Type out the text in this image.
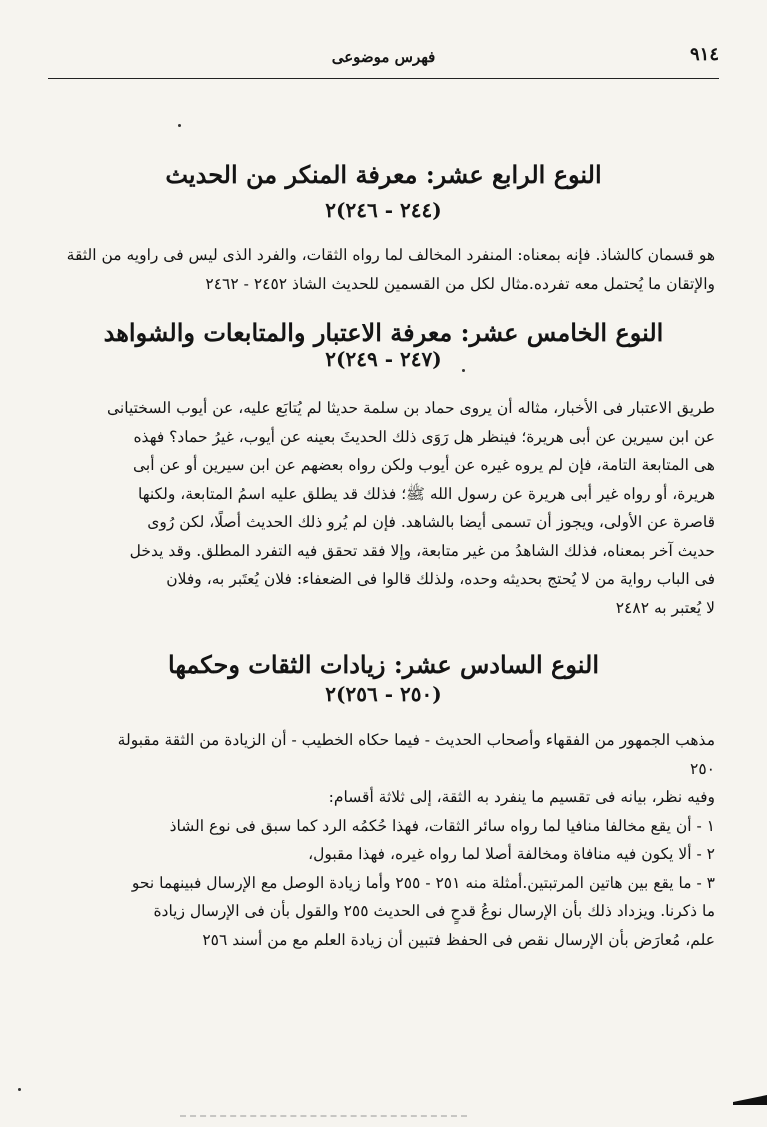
٩١٤
فهرس موضوعى
النوع الرابع عشر: معرفة المنكر من الحديث
(٢٤٤ - ٢٤٦)٢
هو قسمان كالشاذ. فإنه بمعناه: المنفرد المخالف لما رواه الثقات، والفرد الذى ليس فى راويه من الثقة
والإتقان ما يُحتمل معه تفرده.مثال لكل من القسمين للحديث الشاذ ٢٤٥٢ - ٢٤٦٢
النوع الخامس عشر: معرفة الاعتبار والمتابعات والشواهد
(٢٤٧ - ٢٤٩)٢
طريق الاعتبار فى الأخبار، مثاله أن يروى حماد بن سلمة حديثا لم يُتابَع عليه، عن أيوب السختيانى
عن ابن سيرين عن أبى هريرة؛ فينظر هل رَوَى ذلك الحديثَ بعينه عن أيوب، غيرُ حماد؟ فهذه
هى المتابعة التامة، فإن لم يروه غيره عن أيوب ولكن رواه بعضهم عن ابن سيرين أو عن أبى
هريرة، أو رواه غير أبى هريرة عن رسول الله ﷺ؛ فذلك قد يطلق عليه اسمُ المتابعة، ولكنها
قاصرة عن الأولى، ويجوز أن تسمى أيضا بالشاهد. فإن لم يُرو ذلك الحديث أصلًا، لكن رُوى
حديث آخر بمعناه، فذلك الشاهدُ من غير متابعة، وإلا فقد تحقق فيه التفرد المطلق. وقد يدخل
فى الباب رواية من لا يُحتج بحديثه وحده، ولذلك قالوا فى الضعفاء: فلان يُعتَبر به، وفلان
لا يُعتبر به ٢٤٨٢
النوع السادس عشر: زيادات الثقات وحكمها
(٢٥٠ - ٢٥٦)٢
مذهب الجمهور من الفقهاء وأصحاب الحديث - فيما حكاه الخطيب - أن الزيادة من الثقة مقبولة
٢٥٠
وفيه نظر، بيانه فى تقسيم ما ينفرد به الثقة، إلى ثلاثة أقسام:
١ - أن يقع مخالفا منافيا لما رواه سائر الثقات، فهذا حُكمُه الرد كما سبق فى نوع الشاذ
٢ - ألا يكون فيه منافاة ومخالفة أصلا لما رواه غيره، فهذا مقبول،
٣ - ما يقع بين هاتين المرتبتين.أمثلة منه ٢٥١ - ٢٥٥ وأما زيادة الوصل مع الإرسال فبينهما نحو
ما ذكرنا. ويزداد ذلك بأن الإرسال نوعُ قدحٍ فى الحديث ٢٥٥ والقول بأن فى الإرسال زيادة
علم، مُعارَض بأن الإرسال نقص فى الحفظ فتبين أن زيادة العلم مع من أسند ٢٥٦
